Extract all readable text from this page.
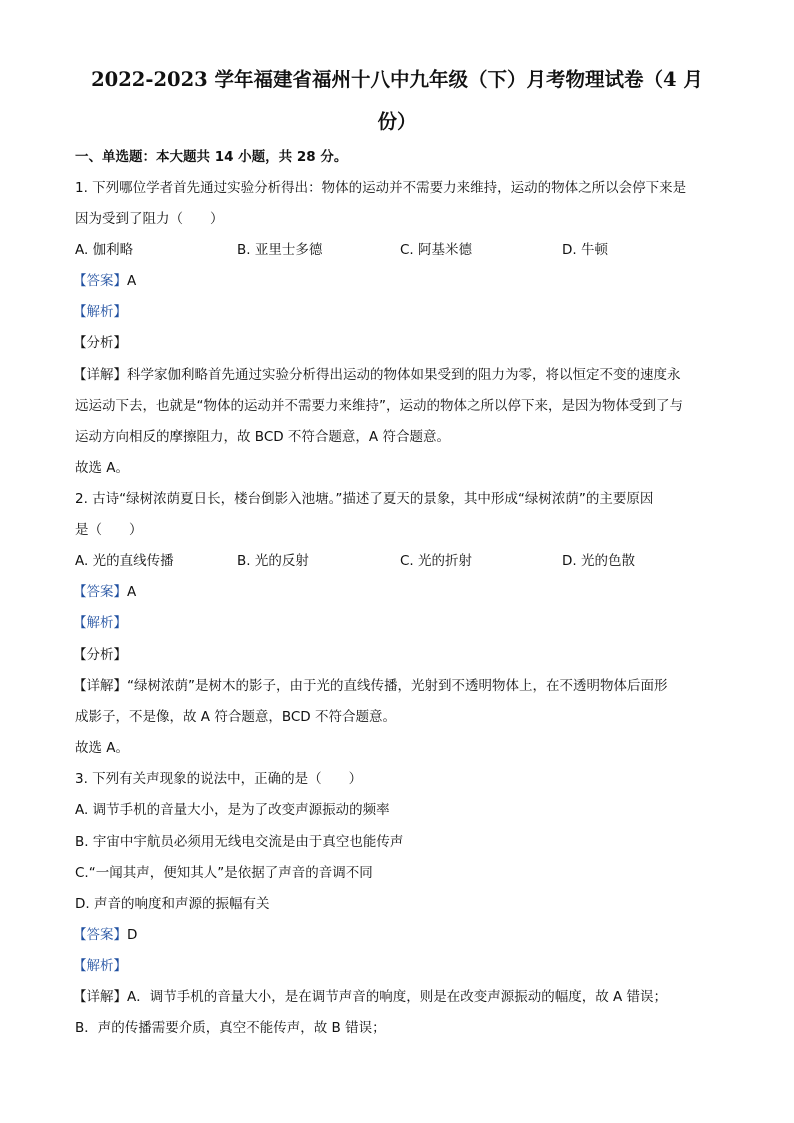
2022-2023 学年福建省福州十八中九年级（下）月考物理试卷（4 月
份）
一、单选题：本大题共 14 小题，共 28 分。
1. 下列哪位学者首先通过实验分析得出：物体的运动并不需要力来维持，运动的物体之所以会停下来是
因为受到了阻力（　　）
A. 伽利略	B. 亚里士多德	C. 阿基米德	D. 牛顿
【答案】A
【解析】
【分析】
【详解】科学家伽利略首先通过实验分析得出运动的物体如果受到的阻力为零，将以恒定不变的速度永
远运动下去，也就是“物体的运动并不需要力来维持”，运动的物体之所以停下来，是因为物体受到了与
运动方向相反的摩擦阻力，故 BCD 不符合题意，A 符合题意。
故选 A。
2. 古诗“绿树浓荫夏日长，楼台倒影入池塘。”描述了夏天的景象，其中形成“绿树浓荫”的主要原因
是（　　）
A. 光的直线传播	B. 光的反射	C. 光的折射	D. 光的色散
【答案】A
【解析】
【分析】
【详解】“绿树浓荫”是树木的影子，由于光的直线传播，光射到不透明物体上，在不透明物体后面形
成影子，不是像，故 A 符合题意，BCD 不符合题意。
故选 A。
3. 下列有关声现象的说法中，正确的是（　　）
A. 调节手机的音量大小，是为了改变声源振动的频率
B. 宇宙中宇航员必须用无线电交流是由于真空也能传声
C.“一闻其声，便知其人”是依据了声音的音调不同
D. 声音的响度和声源的振幅有关
【答案】D
【解析】
【详解】A．调节手机的音量大小，是在调节声音的响度，则是在改变声源振动的幅度，故 A 错误；
B．声的传播需要介质，真空不能传声，故 B 错误；
